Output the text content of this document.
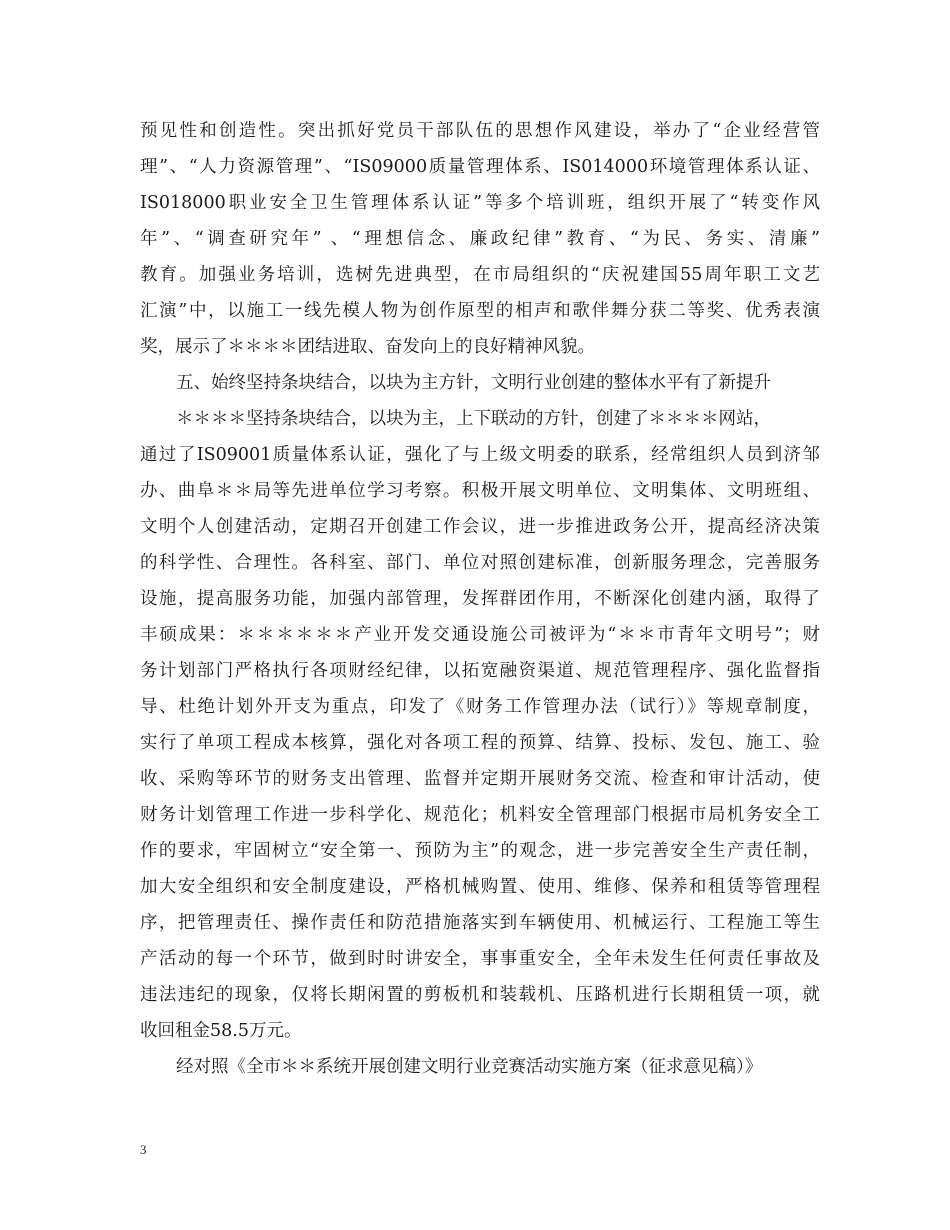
预见性和创造性。突出抓好党员干部队伍的思想作风建设，举办了“企业经营管
理”、“人力资源管理”、“IS09000质量管理体系、IS014000环境管理体系认证、
IS018000职业安全卫生管理体系认证”等多个培训班，组织开展了“转变作风
年”、“调查研究年” 、“理想信念、廉政纪律”教育、“为民、务实、清廉”
教育。加强业务培训，选树先进典型，在市局组织的“庆祝建国55周年职工文艺
汇演”中，以施工一线先模人物为创作原型的相声和歌伴舞分获二等奖、优秀表演
奖，展示了＊＊＊＊团结进取、奋发向上的良好精神风貌。
五、始终坚持条块结合，以块为主方针，文明行业创建的整体水平有了新提升
＊＊＊＊坚持条块结合，以块为主，上下联动的方针，创建了＊＊＊＊网站，
通过了IS09001质量体系认证，强化了与上级文明委的联系，经常组织人员到济邹
办、曲阜＊＊局等先进单位学习考察。积极开展文明单位、文明集体、文明班组、
文明个人创建活动，定期召开创建工作会议，进一步推进政务公开，提高经济决策
的科学性、合理性。各科室、部门、单位对照创建标准，创新服务理念，完善服务
设施，提高服务功能，加强内部管理，发挥群团作用，不断深化创建内涵，取得了
丰硕成果：＊＊＊＊＊＊产业开发交通设施公司被评为“＊＊市青年文明号”；财
务计划部门严格执行各项财经纪律，以拓宽融资渠道、规范管理程序、强化监督指
导、杜绝计划外开支为重点，印发了《财务工作管理办法（试行）》等规章制度，
实行了单项工程成本核算，强化对各项工程的预算、结算、投标、发包、施工、验
收、采购等环节的财务支出管理、监督并定期开展财务交流、检查和审计活动，使
财务计划管理工作进一步科学化、规范化；机料安全管理部门根据市局机务安全工
作的要求，牢固树立“安全第一、预防为主”的观念，进一步完善安全生产责任制，
加大安全组织和安全制度建设，严格机械购置、使用、维修、保养和租赁等管理程
序，把管理责任、操作责任和防范措施落实到车辆使用、机械运行、工程施工等生
产活动的每一个环节，做到时时讲安全，事事重安全，全年未发生任何责任事故及
违法违纪的现象，仅将长期闲置的剪板机和装载机、压路机进行长期租赁一项，就
收回租金58.5万元。
经对照《全市＊＊系统开展创建文明行业竞赛活动实施方案（征求意见稿）》
3
